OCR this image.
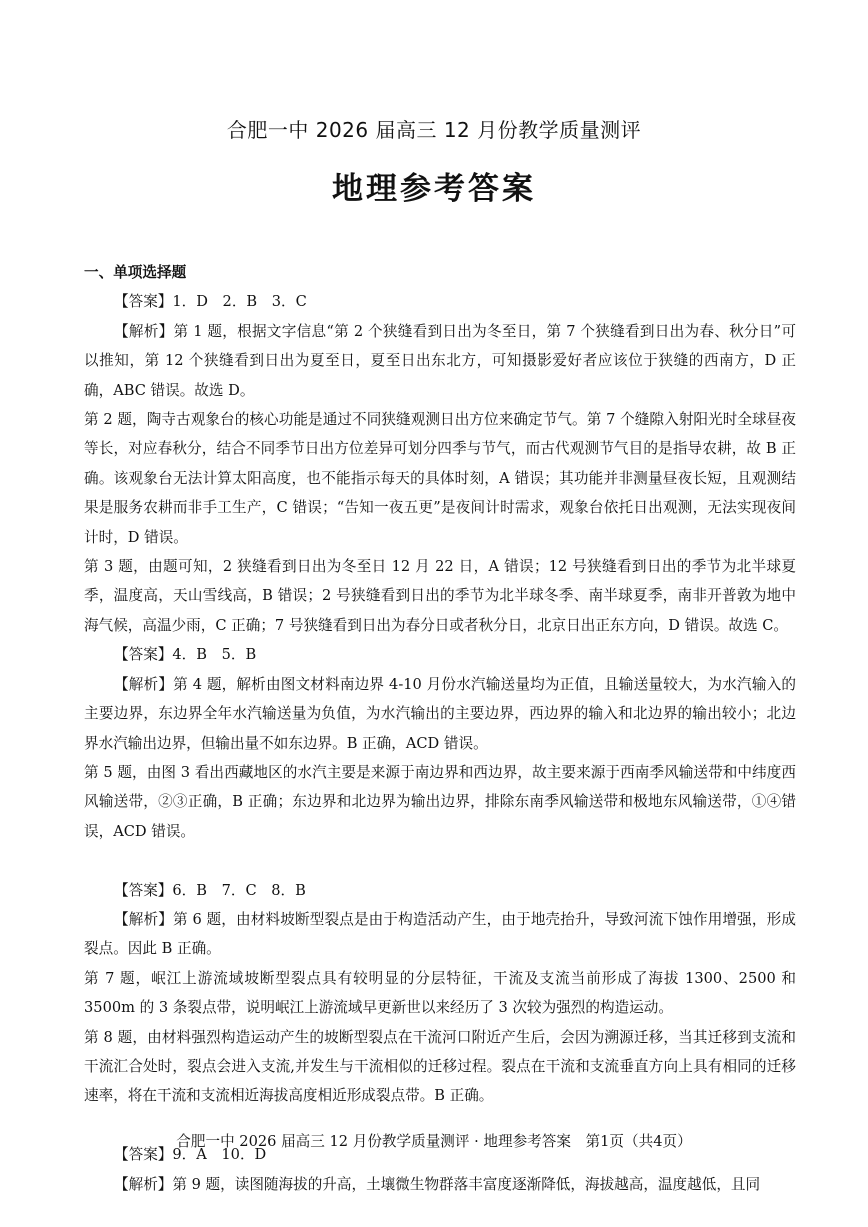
合肥一中 2026 届高三 12 月份教学质量测评
地理参考答案
一、单项选择题
【答案】1．D　2．B　3．C
【解析】第 1 题，根据文字信息“第 2 个狭缝看到日出为冬至日，第 7 个狭缝看到日出为春、秋分日”可以推知，第 12 个狭缝看到日出为夏至日，夏至日出东北方，可知摄影爱好者应该位于狭缝的西南方，D 正确，ABC 错误。故选 D。
第 2 题，陶寺古观象台的核心功能是通过不同狭缝观测日出方位来确定节气。第 7 个缝隙入射阳光时全球昼夜等长，对应春秋分，结合不同季节日出方位差异可划分四季与节气，而古代观测节气目的是指导农耕，故 B 正确。该观象台无法计算太阳高度，也不能指示每天的具体时刻，A 错误；其功能并非测量昼夜长短，且观测结果是服务农耕而非手工生产，C 错误；“告知一夜五更”是夜间计时需求，观象台依托日出观测，无法实现夜间计时，D 错误。
第 3 题，由题可知，2 狭缝看到日出为冬至日 12 月 22 日，A 错误；12 号狭缝看到日出的季节为北半球夏季，温度高，天山雪线高，B 错误；2 号狭缝看到日出的季节为北半球冬季、南半球夏季，南非开普敦为地中海气候，高温少雨，C 正确；7 号狭缝看到日出为春分日或者秋分日，北京日出正东方向，D 错误。故选 C。
【答案】4．B　5．B
【解析】第 4 题，解析由图文材料南边界 4-10 月份水汽输送量均为正值，且输送量较大，为水汽输入的主要边界，东边界全年水汽输送量为负值，为水汽输出的主要边界，西边界的输入和北边界的输出较小；北边界水汽输出边界，但输出量不如东边界。B 正确，ACD 错误。
第 5 题，由图 3 看出西藏地区的水汽主要是来源于南边界和西边界，故主要来源于西南季风输送带和中纬度西风输送带，②③正确，B 正确；东边界和北边界为输出边界，排除东南季风输送带和极地东风输送带，①④错误，ACD 错误。
【答案】6．B　7．C　8．B
【解析】第 6 题，由材料坡断型裂点是由于构造活动产生，由于地壳抬升，导致河流下蚀作用增强，形成裂点。因此 B 正确。
第 7 题，岷江上游流域坡断型裂点具有较明显的分层特征，干流及支流当前形成了海拔 1300、2500 和 3500m 的 3 条裂点带，说明岷江上游流域早更新世以来经历了 3 次较为强烈的构造运动。
第 8 题，由材料强烈构造运动产生的坡断型裂点在干流河口附近产生后，会因为溯源迁移，当其迁移到支流和干流汇合处时，裂点会进入支流,并发生与干流相似的迁移过程。裂点在干流和支流垂直方向上具有相同的迁移速率，将在干流和支流相近海拔高度相近形成裂点带。B 正确。
【答案】9．A　10．D
【解析】第 9 题，读图随海拔的升高，土壤微生物群落丰富度逐渐降低，海拔越高，温度越低，且同
合肥一中 2026 届高三 12 月份教学质量测评 · 地理参考答案　第1页（共4页）
